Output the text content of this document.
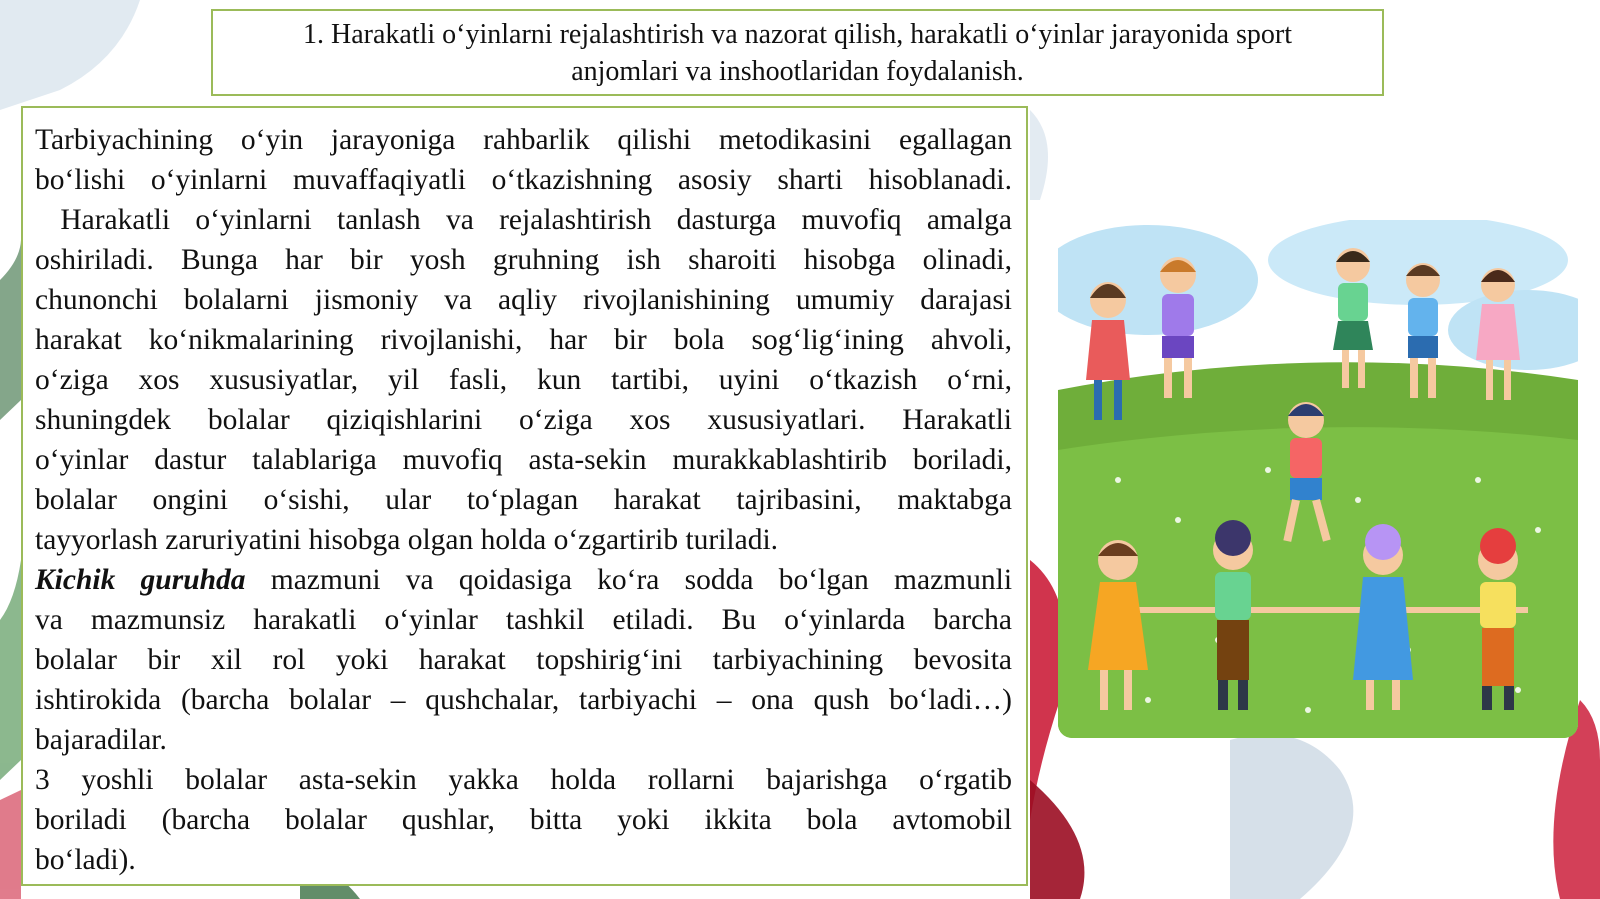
1. Harakatli o‘yinlarni rejalashtirish va nazorat qilish, harakatli o‘yinlar jarayonida sport
anjomlari va inshootlaridan foydalanish.
Tarbiyachining o‘yin jarayoniga rahbarlik qilishi metodikasini egallagan
bo‘lishi o‘yinlarni muvaffaqiyatli o‘tkazishning asosiy sharti hisoblanadi.
Harakatli o‘yinlarni tanlash va rejalashtirish dasturga muvofiq amalga
oshiriladi. Bunga har bir yosh gruhning ish sharoiti hisobga olinadi,
chunonchi bolalarni jismoniy va aqliy rivojlanishining umumiy darajasi
harakat ko‘nikmalarining rivojlanishi, har bir bola sog‘lig‘ining ahvoli,
o‘ziga xos xususiyatlar, yil fasli, kun tartibi, uyini o‘tkazish o‘rni,
shuningdek bolalar qiziqishlarini o‘ziga xos xususiyatlari. Harakatli
o‘yinlar dastur talablariga muvofiq asta-sekin murakkablashtirib boriladi,
bolalar ongini o‘sishi, ular to‘plagan harakat tajribasini, maktabga
tayyorlash zaruriyatini hisobga olgan holda o‘zgartirib turiladi.
Kichik guruhda mazmuni va qoidasiga ko‘ra sodda bo‘lgan mazmunli
va mazmunsiz harakatli o‘yinlar tashkil etiladi. Bu o‘yinlarda barcha
bolalar bir xil rol yoki harakat topshirig‘ini tarbiyachining bevosita
ishtirokida (barcha bolalar – qushchalar, tarbiyachi – ona qush bo‘ladi…)
bajaradilar.
3 yoshli bolalar asta-sekin yakka holda rollarni bajarishga o‘rgatib
boriladi (barcha bolalar qushlar, bitta yoki ikkita bola avtomobil
bo‘ladi).
